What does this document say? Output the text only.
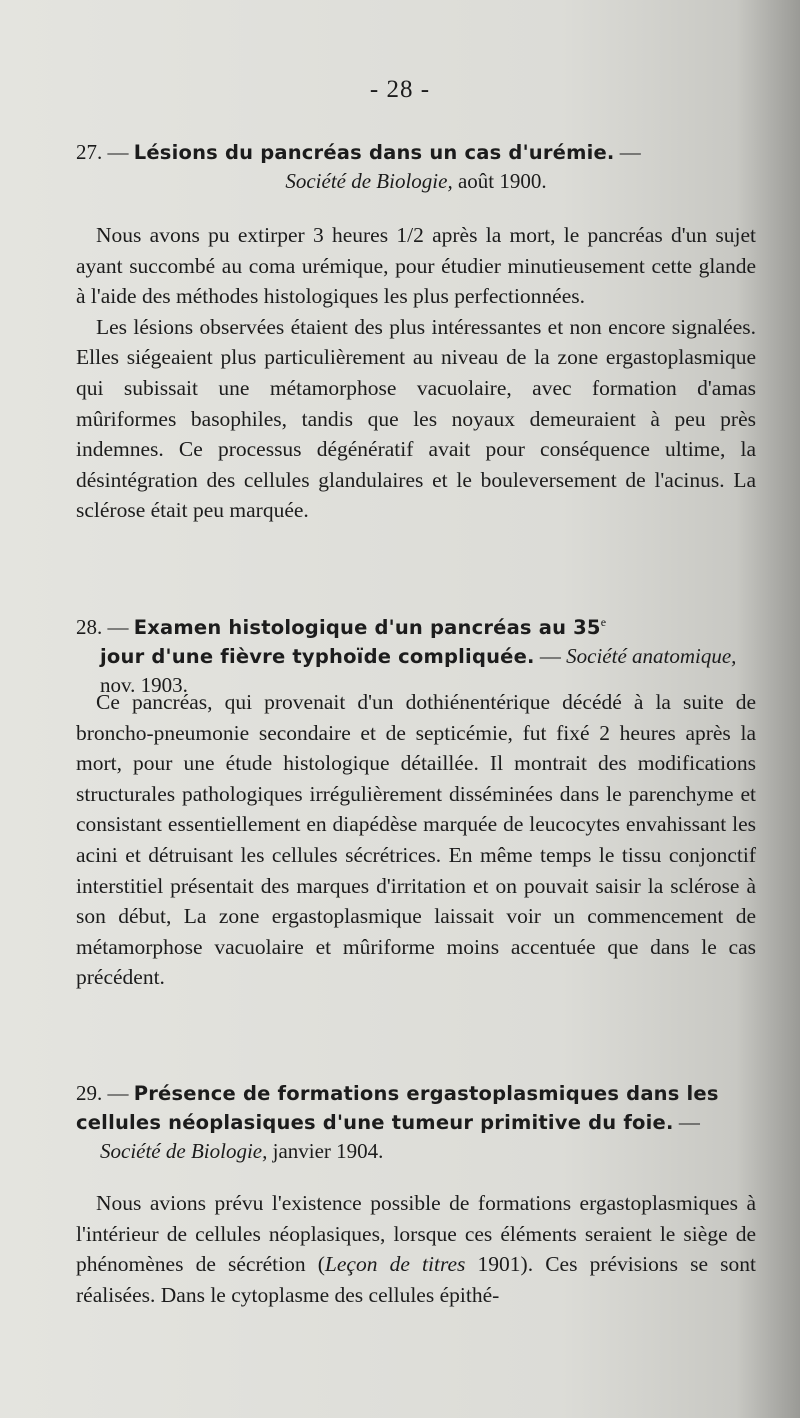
- 28 -
27. — Lésions du pancréas dans un cas d'urémie. —
Société de Biologie, août 1900.

Nous avons pu extirper 3 heures 1/2 après la mort, le pancréas d'un sujet ayant succombé au coma urémique, pour étudier minutieusement cette glande à l'aide des méthodes histologiques les plus perfectionnées.

Les lésions observées étaient des plus intéressantes et non encore signalées. Elles siégeaient plus particulièrement au niveau de la zone ergastoplasmique qui subissait une métamorphose vacuolaire, avec formation d'amas mûriformes basophiles, tandis que les noyaux demeuraient à peu près indemnes. Ce processus dégénératif avait pour conséquence ultime, la désintégration des cellules glandulaires et le bouleversement de l'acinus. La sclérose était peu marquée.

28. — Examen histologique d'un pancréas au 35e
jour d'une fièvre typhoïde compliquée. — Société anatomique, nov. 1903.

Ce pancréas, qui provenait d'un dothiénentérique décédé à la suite de broncho-pneumonie secondaire et de septicémie, fut fixé 2 heures après la mort, pour une étude histologique détaillée. Il montrait des modifications structurales pathologiques irrégulièrement disséminées dans le parenchyme et consistant essentiellement en diapédèse marquée de leucocytes envahissant les acini et détruisant les cellules sécrétrices. En même temps le tissu conjonctif interstitiel présentait des marques d'irritation et on pouvait saisir la sclérose à son début, La zone ergastoplasmique laissait voir un commencement de métamorphose vacuolaire et mûriforme moins accentuée que dans le cas précédent.

29. — Présence de formations ergastoplasmiques dans les cellules néoplasiques d'une tumeur primitive du foie. —
Société de Biologie, janvier 1904.

Nous avions prévu l'existence possible de formations ergastoplasmiques à l'intérieur de cellules néoplasiques, lorsque ces éléments seraient le siège de phénomènes de sécrétion (Leçon de titres 1901). Ces prévisions se sont réalisées. Dans le cytoplasme des cellules épithé-
